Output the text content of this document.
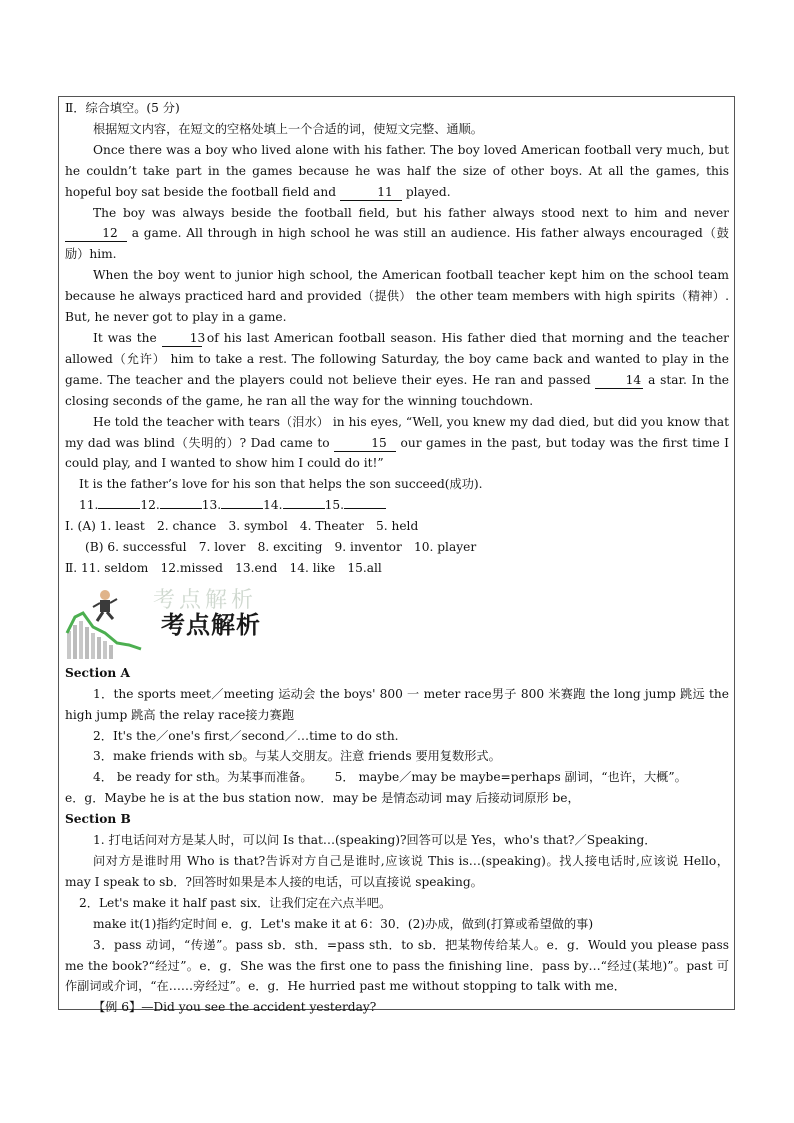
Ⅱ．综合填空。(5 分)

根据短文内容，在短文的空格处填上一个合适的词，使短文完整、通顺。

Once there was a boy who lived alone with his father. The boy loved American football very much, but he couldn’t take part in the games because he was half the size of other boys. At all the games, this hopeful boy sat beside the football field and	11 played.

The boy was always beside the football field, but his father always stood next to him and never 12 a game. All through in high school he was still an audience. His father always encouraged（鼓励）him.

When the boy went to junior high school, the American football teacher kept him on the school team because he always practiced hard and provided（提供） the other team members with high spirits（精神）. But, he never got to play in a game.

It was the 13 of his last American football season. His father died that morning and the teacher allowed（允许） him to take a rest. The following Saturday, the boy came back and wanted to play in the game. The teacher and the players could not believe their eyes. He ran and passed 14 a star. In the closing seconds of the game, he ran all the way for the winning touchdown.

He told the teacher with tears（泪水） in his eyes, “Well, you knew my dad died, but did you know that my dad was blind（失明的）? Dad came to	15 our games in the past, but today was the first time I could play, and I wanted to show him I could do it!”

It is the father’s love for his son that helps the son succeed(成功).

11.	12.	13.	14.	15.

Ⅰ. (A) 1. least　2. chance　3. symbol　4. Theater　5. held

(B) 6. successful　7. lover　8. exciting　9. inventor　10. player

Ⅱ. 11. seldom　12.missed　13.end　14. like　15.all

考点解析
考点解析

Section A

1．the sports meet／meeting 运动会 the boys' 800 一 meter race男子 800 米赛跑 the long jump 跳远 the high jump 跳高 the relay race接力赛跑

2．It's the／one's first／second／…time to do sth.

3．make friends with sb。与某人交朋友。注意 friends 要用复数形式。

4． be ready for sth。为某事而准备。 5． maybe／may be maybe=perhaps 副词，“也许，大概”。

e．g．Maybe he is at the bus station now．may be 是情态动词 may 后接动词原形 be，

Section B

1. 打电话问对方是某人时，可以问 Is that…(speaking)?回答可以是 Yes，who's that?／Speaking．

问对方是谁时用 Who is that?告诉对方自己是谁时,应该说 This is…(speaking)。找人接电话时,应该说 Hello，may I speak to sb．?回答时如果是本人接的电话，可以直接说 speaking。

2．Let's make it half past six．让我们定在六点半吧。

make it(1)指约定时间 e．g．Let's make it at 6：30．(2)办成，做到(打算或希望做的事)

3．pass 动词，“传递”。pass sb．sth．=pass sth．to sb．把某物传给某人。e．g．Would you please pass me the book?“经过”。e．g．She was the first one to pass the finishing line．pass by…“经过(某地)”。past 可作副词或介词，“在……旁经过”。e．g．He hurried past me without stopping to talk with me．

【例 6】—Did you see the accident yesterday?
